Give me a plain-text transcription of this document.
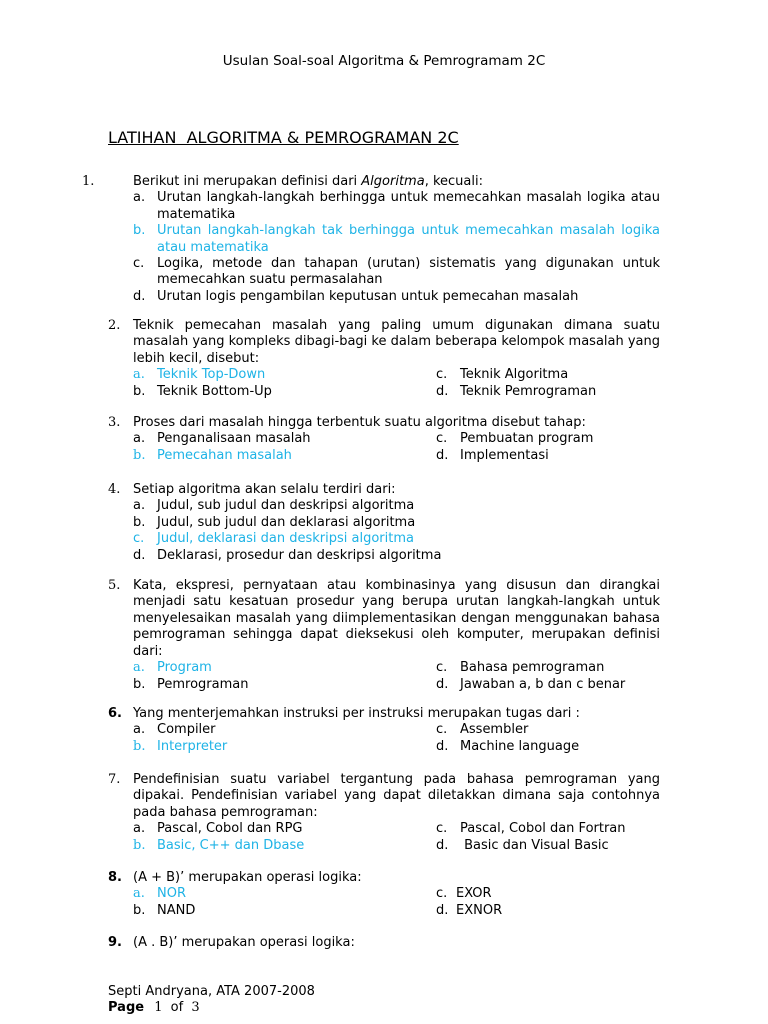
Usulan Soal-soal Algoritma & Pemrogramam 2C
LATIHAN  ALGORITMA & PEMROGRAMAN 2C
1.	Berikut ini merupakan definisi dari Algoritma, kecuali:
a. Urutan langkah-langkah berhingga untuk memecahkan masalah logika atau matematika
b. Urutan langkah-langkah tak berhingga untuk memecahkan masalah logika atau matematika
c. Logika, metode dan tahapan (urutan) sistematis yang digunakan untuk memecahkan suatu permasalahan
d. Urutan logis pengambilan keputusan untuk pemecahan masalah
2. Teknik pemecahan masalah yang paling umum digunakan dimana suatu masalah yang kompleks dibagi-bagi ke dalam beberapa kelompok masalah yang lebih kecil, disebut:
a. Teknik Top-Down	c. Teknik Algoritma
b. Teknik Bottom-Up	d. Teknik Pemrograman
3. Proses dari masalah hingga terbentuk suatu algoritma disebut tahap:
a. Penganalisaan masalah	c. Pembuatan program
b. Pemecahan masalah	d. Implementasi
4. Setiap algoritma akan selalu terdiri dari:
a. Judul, sub judul dan deskripsi algoritma
b. Judul, sub judul dan deklarasi algoritma
c. Judul, deklarasi dan deskripsi algoritma
d. Deklarasi, prosedur dan deskripsi algoritma
5. Kata, ekspresi, pernyataan atau kombinasinya yang disusun dan dirangkai menjadi satu kesatuan prosedur yang berupa urutan langkah-langkah untuk menyelesaikan masalah yang diimplementasikan dengan menggunakan bahasa pemrograman sehingga dapat dieksekusi oleh komputer, merupakan definisi dari:
a. Program	c. Bahasa pemrograman
b. Pemrograman	d. Jawaban a, b dan c benar
6. Yang menterjemahkan instruksi per instruksi merupakan tugas dari :
a. Compiler	c. Assembler
b. Interpreter	d. Machine language
7. Pendefinisian suatu variabel tergantung pada bahasa pemrograman yang dipakai. Pendefinisian variabel yang dapat diletakkan dimana saja contohnya pada bahasa pemrograman:
a. Pascal, Cobol dan RPG	c. Pascal, Cobol dan Fortran
b. Basic, C++ dan Dbase	d. Basic dan Visual Basic
8. (A + B)’ merupakan operasi logika:
a. NOR	c. EXOR
b. NAND	d. EXNOR
9. (A . B)’ merupakan operasi logika:
Septi Andryana, ATA 2007-2008
Page 1 of 3
